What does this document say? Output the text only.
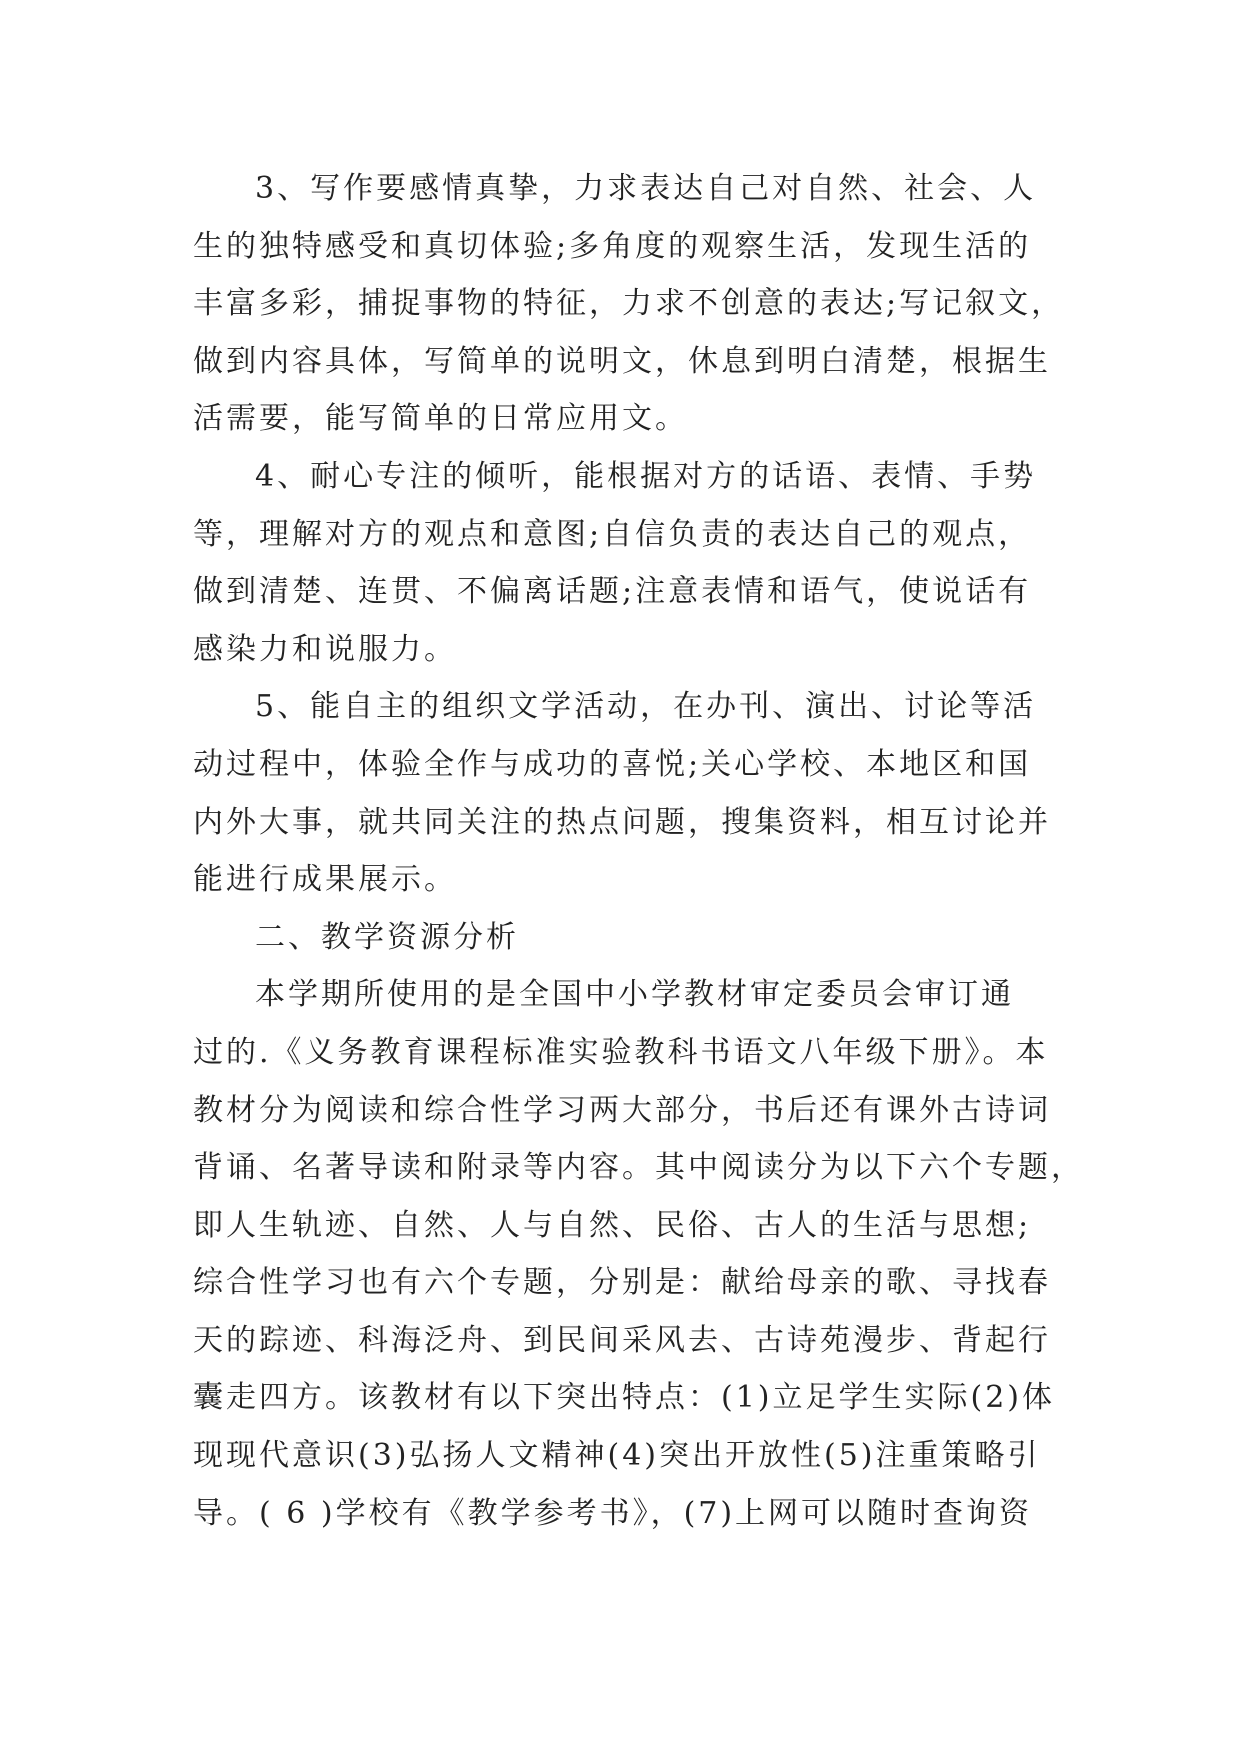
3、写作要感情真挚，力求表达自己对自然、社会、人
生的独特感受和真切体验;多角度的观察生活，发现生活的
丰富多彩，捕捉事物的特征，力求不创意的表达;写记叙文，
做到内容具体，写简单的说明文，休息到明白清楚，根据生
活需要，能写简单的日常应用文。
4、耐心专注的倾听，能根据对方的话语、表情、手势
等，理解对方的观点和意图;自信负责的表达自己的观点，
做到清楚、连贯、不偏离话题;注意表情和语气，使说话有
感染力和说服力。
5、能自主的组织文学活动，在办刊、演出、讨论等活
动过程中，体验全作与成功的喜悦;关心学校、本地区和国
内外大事，就共同关注的热点问题，搜集资料，相互讨论并
能进行成果展示。
二、教学资源分析
本学期所使用的是全国中小学教材审定委员会审订通
过的.《义务教育课程标准实验教科书语文八年级下册》。本
教材分为阅读和综合性学习两大部分，书后还有课外古诗词
背诵、名著导读和附录等内容。其中阅读分为以下六个专题，
即人生轨迹、自然、人与自然、民俗、古人的生活与思想;
综合性学习也有六个专题，分别是：献给母亲的歌、寻找春
天的踪迹、科海泛舟、到民间采风去、古诗苑漫步、背起行
囊走四方。该教材有以下突出特点：(1)立足学生实际(2)体
现现代意识(3)弘扬人文精神(4)突出开放性(5)注重策略引
导。( 6 )学校有《教学参考书》，(7)上网可以随时查询资
